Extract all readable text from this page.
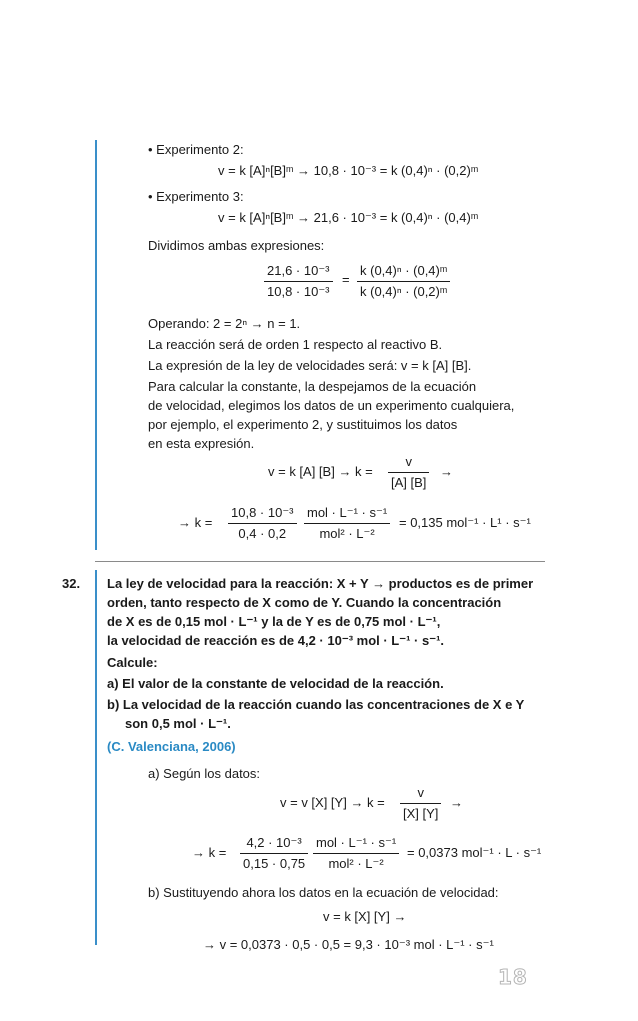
• Experimento 2:
v = k [A]ⁿ[B]ᵐ → 10,8 · 10⁻³ = k (0,4)ⁿ · (0,2)ᵐ
• Experimento 3:
v = k [A]ⁿ[B]ᵐ → 21,6 · 10⁻³ = k (0,4)ⁿ · (0,4)ᵐ
Dividimos ambas expresiones:
$\frac{\text{21,6 · 10⁻³}}{\text{10,8 · 10⁻³}} = \frac{\text{k (0,4)ⁿ · (0,4)ᵐ}}{\text{k (0,4)ⁿ · (0,2)ᵐ}}$
Operando: 2 = 2ⁿ → n = 1.
La reacción será de orden 1 respecto al reactivo B.
La expresión de la ley de velocidades será: v = k [A] [B].
Para calcular la constante, la despejamos de la ecuación
de velocidad, elegimos los datos de un experimento cualquiera,
por ejemplo, el experimento 2, y sustituimos los datos
en esta expresión.
v = k [A] $[B] \to k = \frac{v}{[A] [B]}$ →
→ $k = \frac{\text{10,8 · 10⁻³}}{0,4 \cdot 0,2}$ mol · L⁻¹ · s⁻¹
mol² · L⁻²
= 0,135 mol⁻¹ · L¹ · s⁻¹
32. La ley de velocidad para la reacción: X + Y → productos es de primer
orden, tanto respecto de X como de Y. Cuando la concentración
de X es de 0,15 mol · L⁻¹ y la de Y es de 0,75 mol · L⁻¹,
la velocidad de reacción es de 4,2 · 10⁻³ mol · L⁻¹ · s⁻¹.
Calcule:
a) El valor de la constante de velocidad de la reacción.
b) La velocidad de la reacción cuando las concentraciones de X e Y
son 0,5 mol · L⁻¹.
(C. Valenciana, 2006)
a) Según los datos:
v = v [X] $[Y] \to k = \frac{v}{[X] [Y]}$ →
→ $k = \frac{\text{4,2 · 10⁻³}}{0,15 \cdot 0,75}$ mol · L⁻¹ · s⁻¹
mol² · L⁻²
= 0,0373 mol⁻¹ · L · s⁻¹
b) Sustituyendo ahora los datos en la ecuación de velocidad:
v = k [X] [Y] →
→ v = 0,0373 · 0,5 · 0,5 = 9,3 · 10⁻³ mol · L⁻¹ · s⁻¹
18
